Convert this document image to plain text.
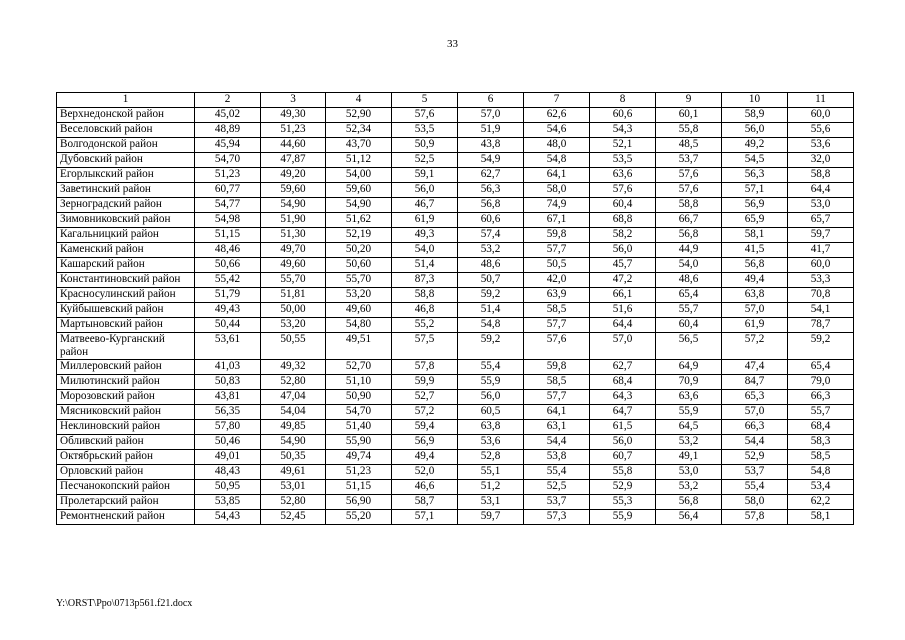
33
1	2	3	4	5	6	7	8	9	10	11
Верхнедонской район	45,02	49,30	52,90	57,6	57,0	62,6	60,6	60,1	58,9	60,0
Веселовский район	48,89	51,23	52,34	53,5	51,9	54,6	54,3	55,8	56,0	55,6
Волгодонской район	45,94	44,60	43,70	50,9	43,8	48,0	52,1	48,5	49,2	53,6
Дубовский район	54,70	47,87	51,12	52,5	54,9	54,8	53,5	53,7	54,5	32,0
Егорлыкский район	51,23	49,20	54,00	59,1	62,7	64,1	63,6	57,6	56,3	58,8
Заветинский район	60,77	59,60	59,60	56,0	56,3	58,0	57,6	57,6	57,1	64,4
Зерноградский район	54,77	54,90	54,90	46,7	56,8	74,9	60,4	58,8	56,9	53,0
Зимовниковский район	54,98	51,90	51,62	61,9	60,6	67,1	68,8	66,7	65,9	65,7
Кагальницкий район	51,15	51,30	52,19	49,3	57,4	59,8	58,2	56,8	58,1	59,7
Каменский район	48,46	49,70	50,20	54,0	53,2	57,7	56,0	44,9	41,5	41,7
Кашарский район	50,66	49,60	50,60	51,4	48,6	50,5	45,7	54,0	56,8	60,0
Константиновский район	55,42	55,70	55,70	87,3	50,7	42,0	47,2	48,6	49,4	53,3
Красносулинский район	51,79	51,81	53,20	58,8	59,2	63,9	66,1	65,4	63,8	70,8
Куйбышевский район	49,43	50,00	49,60	46,8	51,4	58,5	51,6	55,7	57,0	54,1
Мартыновский район	50,44	53,20	54,80	55,2	54,8	57,7	64,4	60,4	61,9	78,7
Матвеево-Курганский район	53,61	50,55	49,51	57,5	59,2	57,6	57,0	56,5	57,2	59,2
Миллеровский район	41,03	49,32	52,70	57,8	55,4	59,8	62,7	64,9	47,4	65,4
Милютинский район	50,83	52,80	51,10	59,9	55,9	58,5	68,4	70,9	84,7	79,0
Морозовский район	43,81	47,04	50,90	52,7	56,0	57,7	64,3	63,6	65,3	66,3
Мясниковский район	56,35	54,04	54,70	57,2	60,5	64,1	64,7	55,9	57,0	55,7
Неклиновский район	57,80	49,85	51,40	59,4	63,8	63,1	61,5	64,5	66,3	68,4
Обливский район	50,46	54,90	55,90	56,9	53,6	54,4	56,0	53,2	54,4	58,3
Октябрьский район	49,01	50,35	49,74	49,4	52,8	53,8	60,7	49,1	52,9	58,5
Орловский район	48,43	49,61	51,23	52,0	55,1	55,4	55,8	53,0	53,7	54,8
Песчанокопский район	50,95	53,01	51,15	46,6	51,2	52,5	52,9	53,2	55,4	53,4
Пролетарский район	53,85	52,80	56,90	58,7	53,1	53,7	55,3	56,8	58,0	62,2
Ремонтненский район	54,43	52,45	55,20	57,1	59,7	57,3	55,9	56,4	57,8	58,1
Y:\ORST\Ppo\0713p561.f21.docx
